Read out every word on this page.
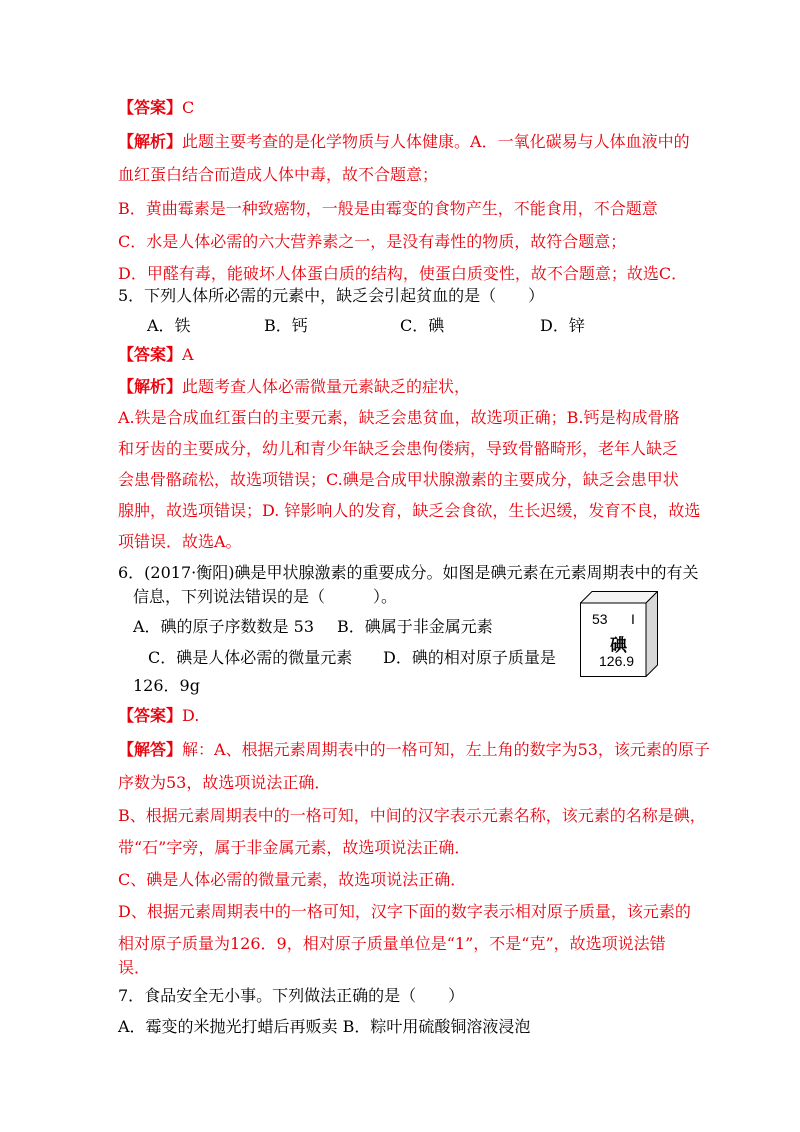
【答案】C
【解析】此题主要考查的是化学物质与人体健康。A．一氧化碳易与人体血液中的
血红蛋白结合而造成人体中毒，故不合题意；
B．黄曲霉素是一种致癌物，一般是由霉变的食物产生，不能食用，不合题意
C．水是人体必需的六大营养素之一，是没有毒性的物质，故符合题意；
D．甲醛有毒，能破坏人体蛋白质的结构，使蛋白质变性，故不合题意；故选C．
5．下列人体所必需的元素中，缺乏会引起贫血的是（　　）
A．铁	B．钙	C．碘	D．锌
【答案】A
【解析】此题考查人体必需微量元素缺乏的症状，
A.铁是合成血红蛋白的主要元素，缺乏会患贫血，故选项正确；B.钙是构成骨胳
和牙齿的主要成分，幼儿和青少年缺乏会患佝偻病，导致骨骼畸形，老年人缺乏
会患骨骼疏松，故选项错误；C.碘是合成甲状腺激素的主要成分，缺乏会患甲状
腺肿，故选项错误；D. 锌影响人的发育，缺乏会食欲，生长迟缓，发育不良，故选
项错误．故选A。
6．(2017·衡阳)碘是甲状腺激素的重要成分。如图是碘元素在元素周期表中的有关
信息，下列说法错误的是（　　　）。
A．碘的原子序数数是 53 B．碘属于非金属元素
C．碘是人体必需的微量元素 D．碘的相对原子质量是
126．9g
53 I
碘
126.9
【答案】D.
【解答】解：A、根据元素周期表中的一格可知，左上角的数字为53，该元素的原子
序数为53，故选项说法正确．
B、根据元素周期表中的一格可知，中间的汉字表示元素名称，该元素的名称是碘，
带“石”字旁，属于非金属元素，故选项说法正确．
C、碘是人体必需的微量元素，故选项说法正确．
D、根据元素周期表中的一格可知，汉字下面的数字表示相对原子质量，该元素的
相对原子质量为126．9，相对原子质量单位是“1”，不是“克”，故选项说法错
误．
7．食品安全无小事。下列做法正确的是（　　）
A．霉变的米抛光打蜡后再贩卖 B．粽叶用硫酸铜溶液浸泡
